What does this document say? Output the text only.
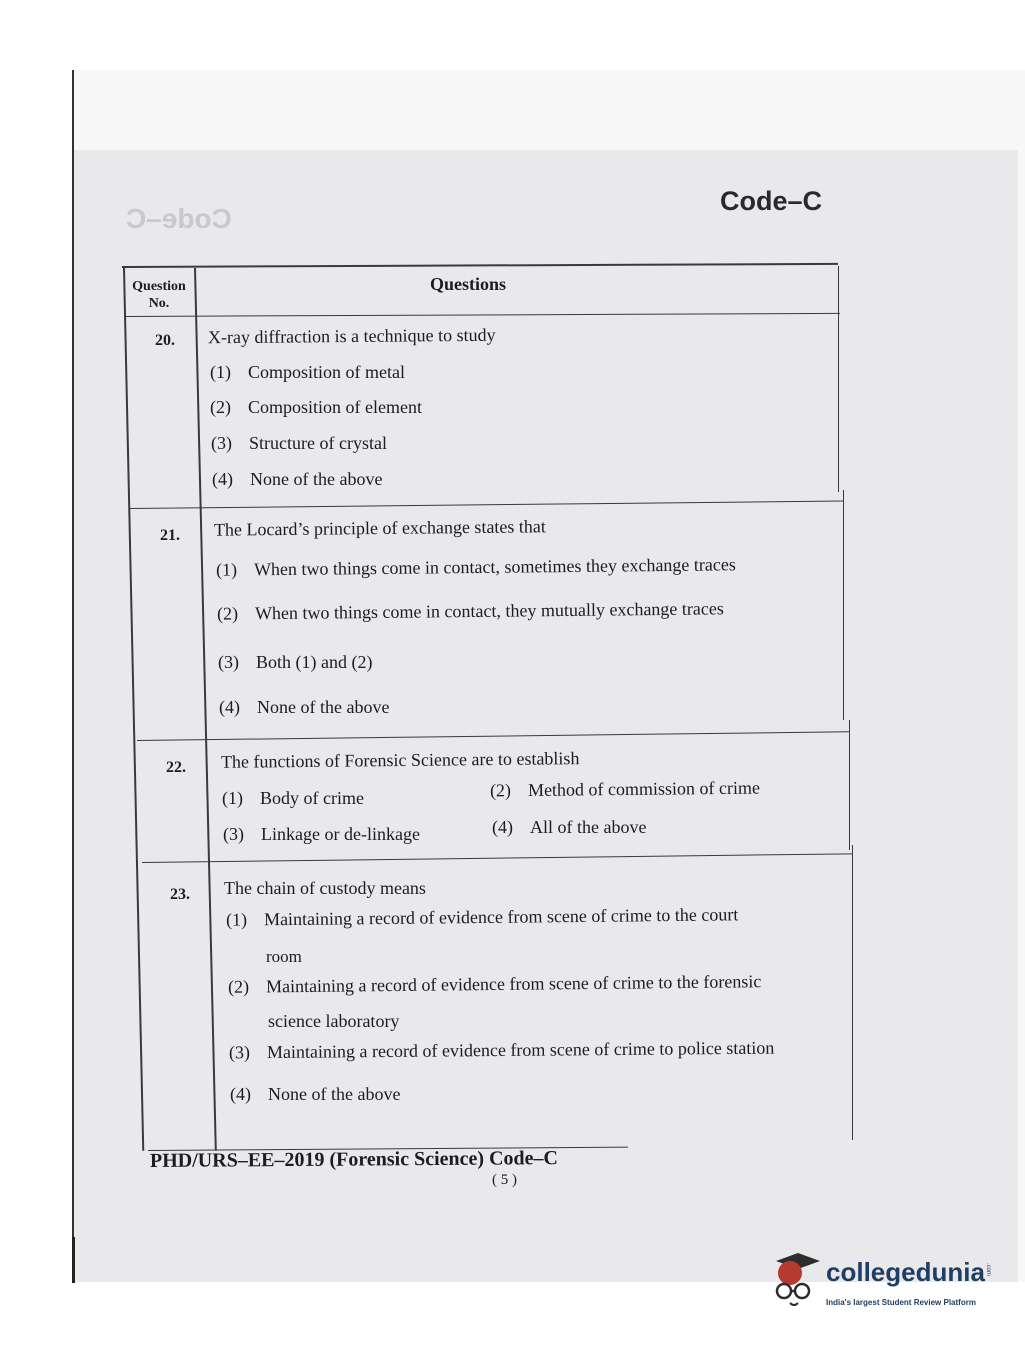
Code–C
Code–C
Question
No.
Questions
20. X-ray diffraction is a technique to study
(1) Composition of metal
(2) Composition of element
(3) Structure of crystal
(4) None of the above
21. The Locard’s principle of exchange states that
(1) When two things come in contact, sometimes they exchange traces
(2) When two things come in contact, they mutually exchange traces
(3) Both (1) and (2)
(4) None of the above
22. The functions of Forensic Science are to establish
(1) Body of crime	(2) Method of commission of crime
(3) Linkage or de-linkage	(4) All of the above
23. The chain of custody means
(1) Maintaining a record of evidence from scene of crime to the court
room
(2) Maintaining a record of evidence from scene of crime to the forensic
science laboratory
(3) Maintaining a record of evidence from scene of crime to police station
(4) None of the above
PHD/URS–EE–2019 (Forensic Science) Code–C
( 5 )
collegedunia .com
India's largest Student Review Platform
